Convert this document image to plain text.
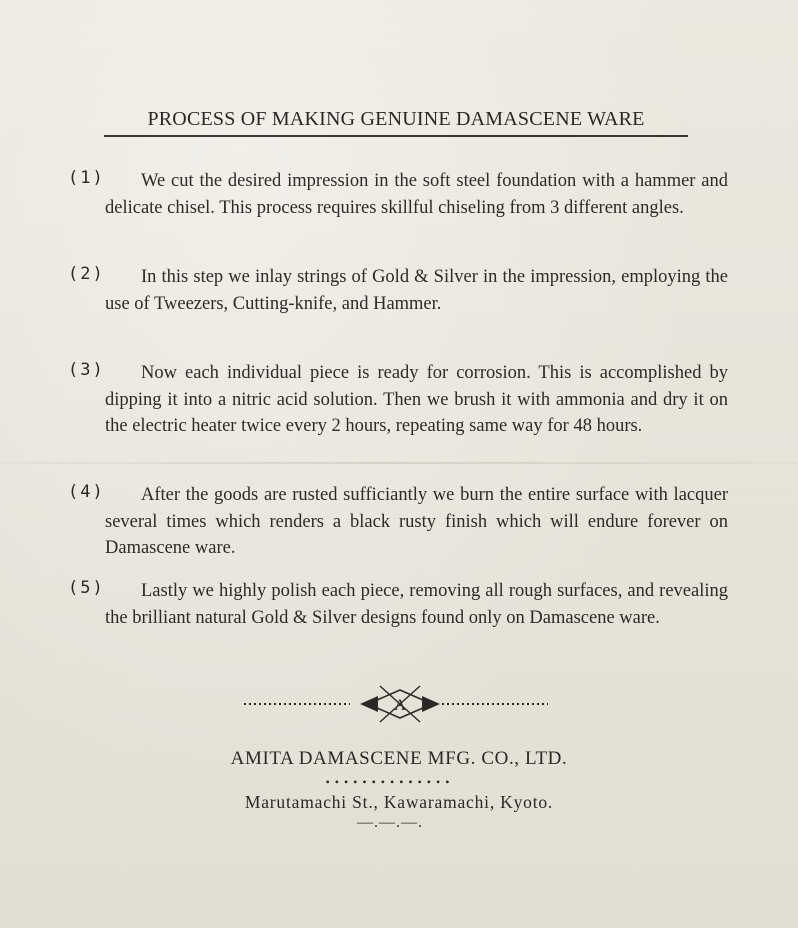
PROCESS OF MAKING GENUINE DAMASCENE WARE
(1)	We cut the desired impression in the soft steel foundation with a hammer and delicate chisel. This process requires skillful chiseling from 3 different angles.
(2)	In this step we inlay strings of Gold & Silver in the impression, employing the use of Tweezers, Cutting-knife, and Hammer.
(3)	Now each individual piece is ready for corrosion. This is accomplished by dipping it into a nitric acid solution. Then we brush it with ammonia and dry it on the electric heater twice every 2 hours, repeating same way for 48 hours.
(4)	After the goods are rusted sufficiantly we burn the entire surface with lacquer several times which renders a black rusty finish which will endure forever on Damascene ware.
(5)	Lastly we highly polish each piece, removing all rough surfaces, and revealing the brilliant natural Gold & Silver designs found only on Damascene ware.
A
AMITA DAMASCENE MFG. CO., LTD.
••••••••••••••
Marutamachi St., Kawaramachi, Kyoto.
—.—.—.
